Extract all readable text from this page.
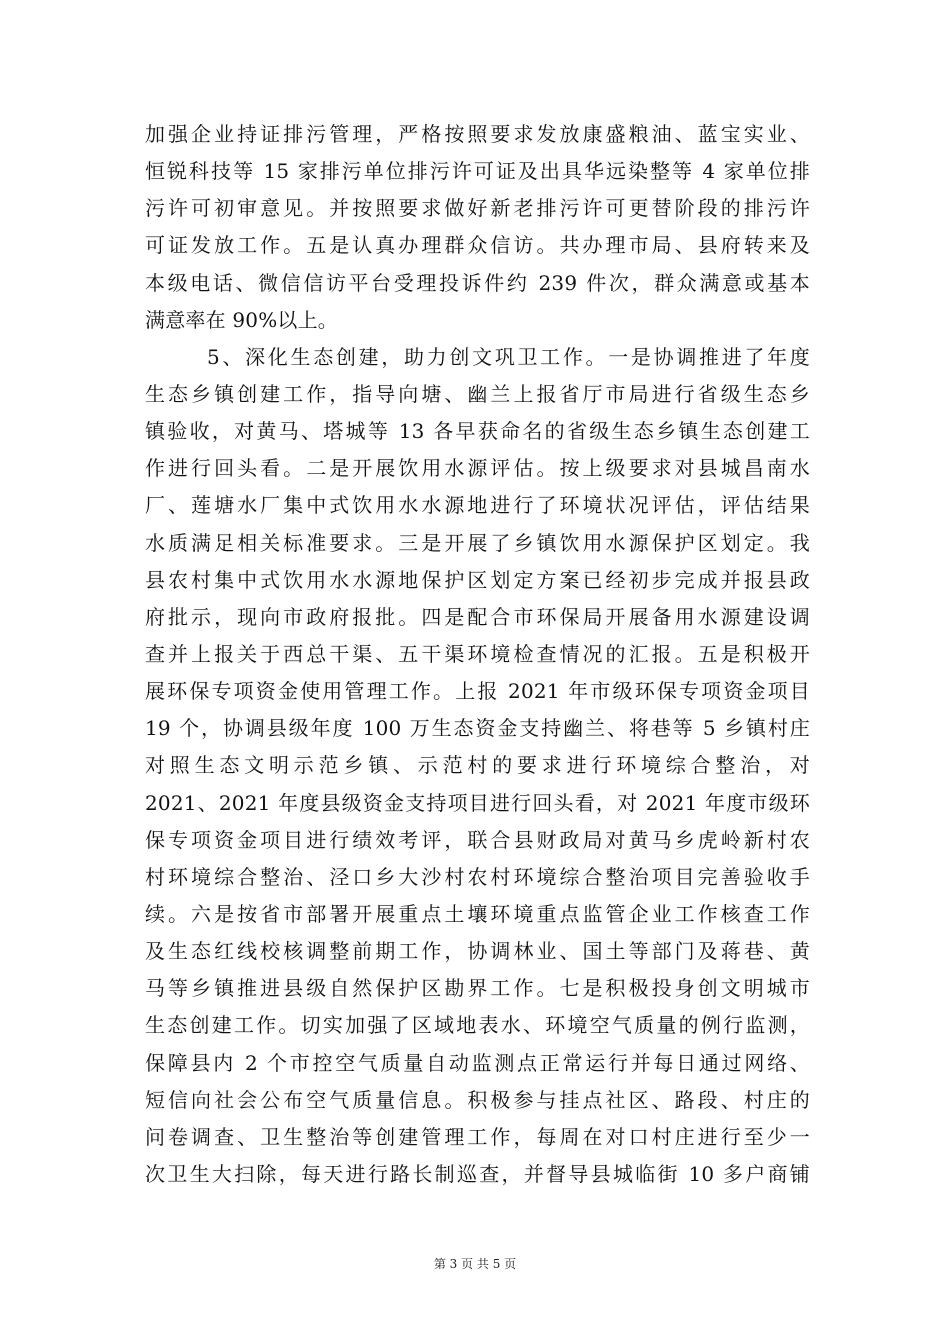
加强企业持证排污管理，严格按照要求发放康盛粮油、蓝宝实业、
恒锐科技等 15 家排污单位排污许可证及出具华远染整等 4 家单位排
污许可初审意见。并按照要求做好新老排污许可更替阶段的排污许
可证发放工作。五是认真办理群众信访。共办理市局、县府转来及
本级电话、微信信访平台受理投诉件约 239 件次，群众满意或基本
满意率在 90%以上。
5、深化生态创建，助力创文巩卫工作。一是协调推进了年度
生态乡镇创建工作，指导向塘、幽兰上报省厅市局进行省级生态乡
镇验收，对黄马、塔城等 13 各早获命名的省级生态乡镇生态创建工
作进行回头看。二是开展饮用水源评估。按上级要求对县城昌南水
厂、莲塘水厂集中式饮用水水源地进行了环境状况评估，评估结果
水质满足相关标准要求。三是开展了乡镇饮用水源保护区划定。我
县农村集中式饮用水水源地保护区划定方案已经初步完成并报县政
府批示，现向市政府报批。四是配合市环保局开展备用水源建设调
查并上报关于西总干渠、五干渠环境检查情况的汇报。五是积极开
展环保专项资金使用管理工作。上报 2021 年市级环保专项资金项目
19 个，协调县级年度 100 万生态资金支持幽兰、将巷等 5 乡镇村庄
对照生态文明示范乡镇、示范村的要求进行环境综合整治，对
2021、2021 年度县级资金支持项目进行回头看，对 2021 年度市级环
保专项资金项目进行绩效考评，联合县财政局对黄马乡虎岭新村农
村环境综合整治、泾口乡大沙村农村环境综合整治项目完善验收手
续。六是按省市部署开展重点土壤环境重点监管企业工作核查工作
及生态红线校核调整前期工作，协调林业、国土等部门及蒋巷、黄
马等乡镇推进县级自然保护区勘界工作。七是积极投身创文明城市
生态创建工作。切实加强了区域地表水、环境空气质量的例行监测，
保障县内 2 个市控空气质量自动监测点正常运行并每日通过网络、
短信向社会公布空气质量信息。积极参与挂点社区、路段、村庄的
问卷调查、卫生整治等创建管理工作，每周在对口村庄进行至少一
次卫生大扫除，每天进行路长制巡查，并督导县城临街 10 多户商铺
第 3 页 共 5 页
